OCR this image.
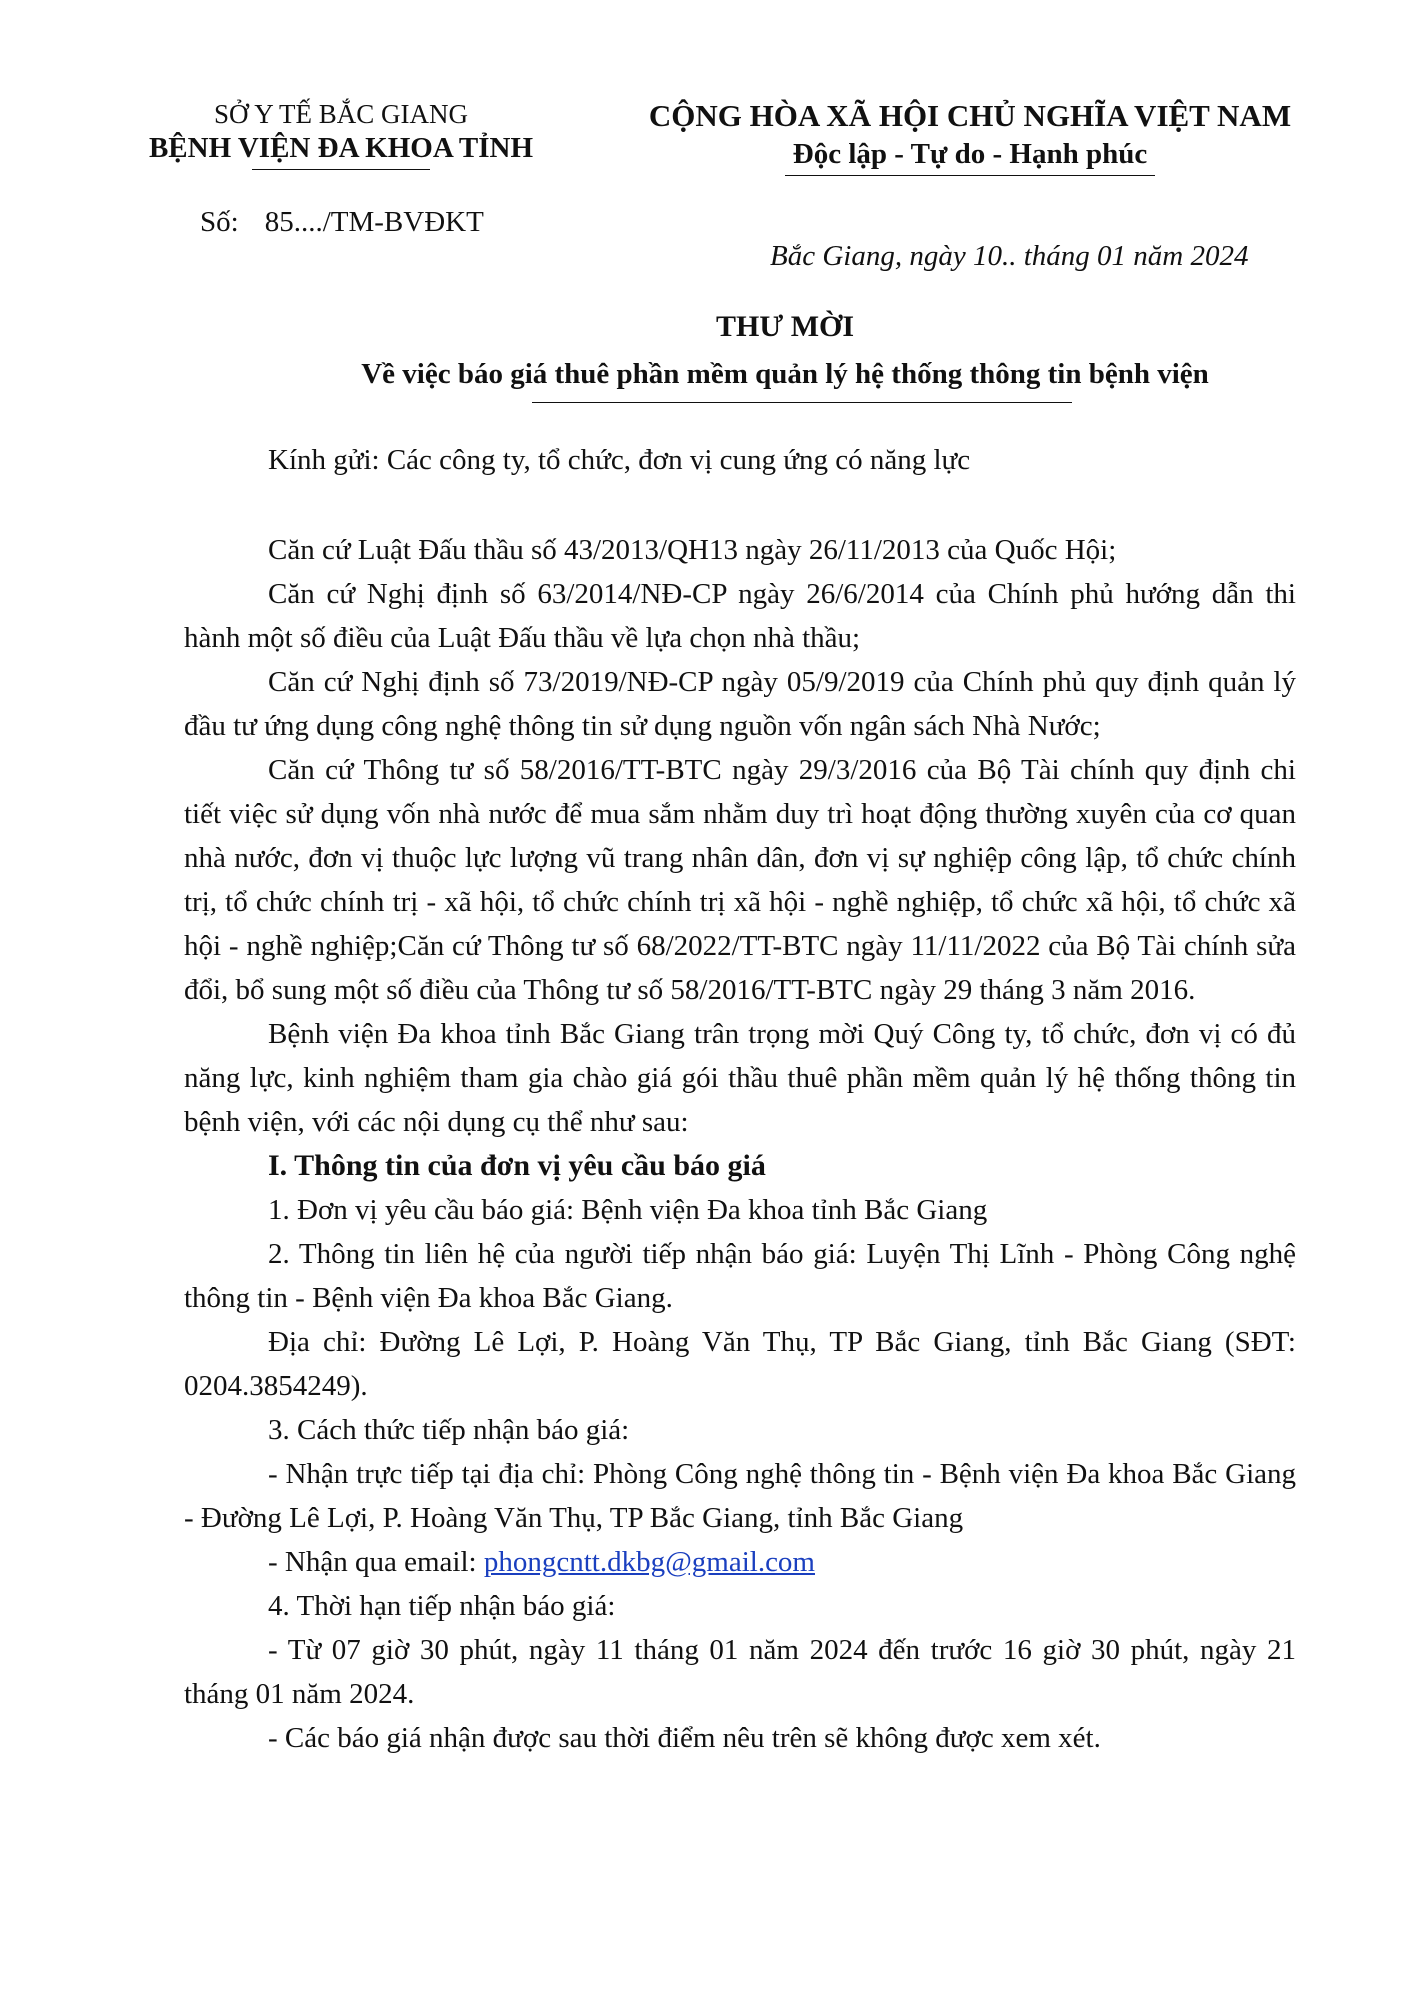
SỞ Y TẾ BẮC GIANG
BỆNH VIỆN ĐA KHOA TỈNH
CỘNG HÒA XÃ HỘI CHỦ NGHĨA VIỆT NAM
Độc lập - Tự do - Hạnh phúc
Số: 85..../TM-BVĐKT
Bắc Giang, ngày 10.. tháng 01 năm 2024
THƯ MỜI
Về việc báo giá thuê phần mềm quản lý hệ thống thông tin bệnh viện
Kính gửi: Các công ty, tổ chức, đơn vị cung ứng có năng lực

Căn cứ Luật Đấu thầu số 43/2013/QH13 ngày 26/11/2013 của Quốc Hội;

Căn cứ Nghị định số 63/2014/NĐ-CP ngày 26/6/2014 của Chính phủ hướng dẫn thi hành một số điều của Luật Đấu thầu về lựa chọn nhà thầu;

Căn cứ Nghị định số 73/2019/NĐ-CP ngày 05/9/2019 của Chính phủ quy định quản lý đầu tư ứng dụng công nghệ thông tin sử dụng nguồn vốn ngân sách Nhà Nước;

Căn cứ Thông tư số 58/2016/TT-BTC ngày 29/3/2016 của Bộ Tài chính quy định chi tiết việc sử dụng vốn nhà nước để mua sắm nhằm duy trì hoạt động thường xuyên của cơ quan nhà nước, đơn vị thuộc lực lượng vũ trang nhân dân, đơn vị sự nghiệp công lập, tổ chức chính trị, tổ chức chính trị - xã hội, tổ chức chính trị xã hội - nghề nghiệp, tổ chức xã hội, tổ chức xã hội - nghề nghiệp;Căn cứ Thông tư số 68/2022/TT-BTC ngày 11/11/2022 của Bộ Tài chính sửa đổi, bổ sung một số điều của Thông tư số 58/2016/TT-BTC ngày 29 tháng 3 năm 2016.

Bệnh viện Đa khoa tỉnh Bắc Giang trân trọng mời Quý Công ty, tổ chức, đơn vị có đủ năng lực, kinh nghiệm tham gia chào giá gói thầu thuê phần mềm quản lý hệ thống thông tin bệnh viện, với các nội dụng cụ thể như sau:

I. Thông tin của đơn vị yêu cầu báo giá

1. Đơn vị yêu cầu báo giá: Bệnh viện Đa khoa tỉnh Bắc Giang

2. Thông tin liên hệ của người tiếp nhận báo giá: Luyện Thị Lĩnh - Phòng Công nghệ thông tin - Bệnh viện Đa khoa Bắc Giang.

Địa chỉ: Đường Lê Lợi, P. Hoàng Văn Thụ, TP Bắc Giang, tỉnh Bắc Giang (SĐT: 0204.3854249).

3. Cách thức tiếp nhận báo giá:

- Nhận trực tiếp tại địa chỉ: Phòng Công nghệ thông tin - Bệnh viện Đa khoa Bắc Giang - Đường Lê Lợi, P. Hoàng Văn Thụ, TP Bắc Giang, tỉnh Bắc Giang

- Nhận qua email: phongcntt.dkbg@gmail.com

4. Thời hạn tiếp nhận báo giá:

- Từ 07 giờ 30 phút, ngày 11 tháng 01 năm 2024 đến trước 16 giờ 30 phút, ngày 21 tháng 01 năm 2024.

- Các báo giá nhận được sau thời điểm nêu trên sẽ không được xem xét.
